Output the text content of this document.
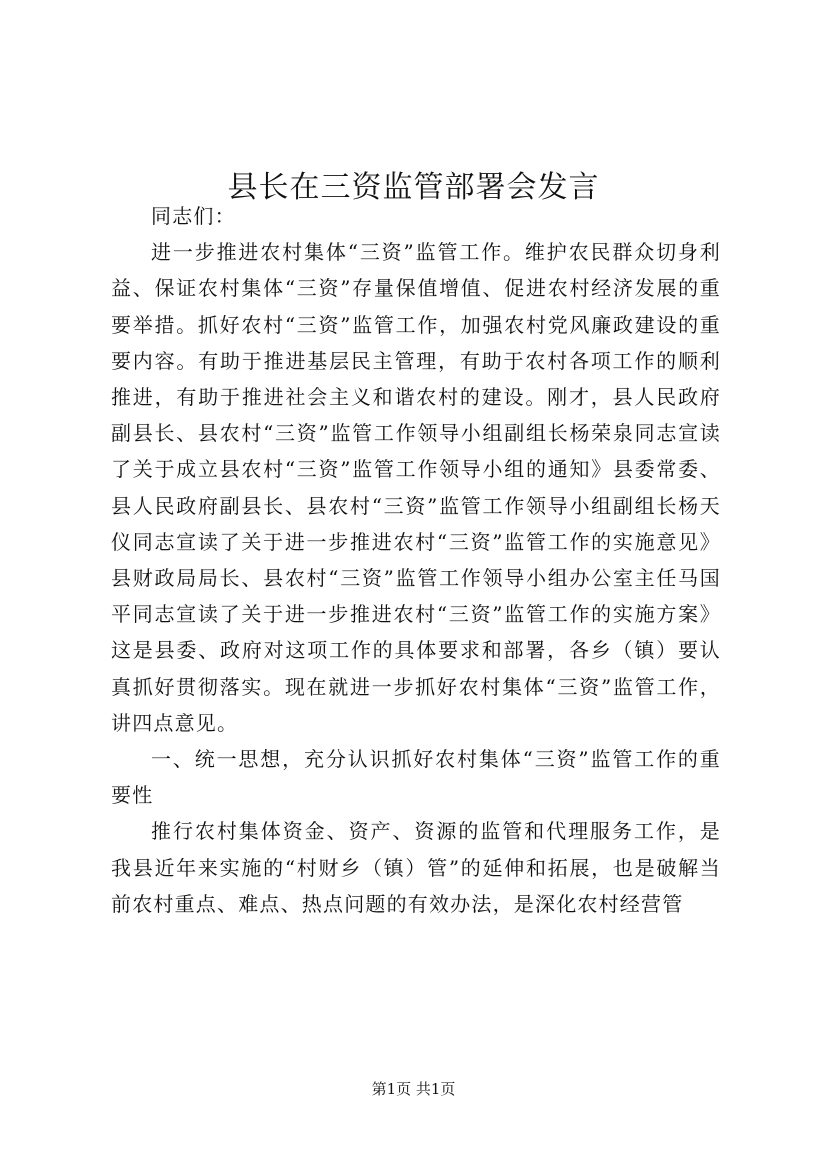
县长在三资监管部署会发言

同志们：

进一步推进农村集体“三资”监管工作。维护农民群众切身利益、保证农村集体“三资”存量保值增值、促进农村经济发展的重要举措。抓好农村“三资”监管工作，加强农村党风廉政建设的重要内容。有助于推进基层民主管理，有助于农村各项工作的顺利推进，有助于推进社会主义和谐农村的建设。刚才，县人民政府副县长、县农村“三资”监管工作领导小组副组长杨荣泉同志宣读了关于成立县农村“三资”监管工作领导小组的通知》县委常委、县人民政府副县长、县农村“三资”监管工作领导小组副组长杨天仪同志宣读了关于进一步推进农村“三资”监管工作的实施意见》县财政局局长、县农村“三资”监管工作领导小组办公室主任马国平同志宣读了关于进一步推进农村“三资”监管工作的实施方案》这是县委、政府对这项工作的具体要求和部署，各乡（镇）要认真抓好贯彻落实。现在就进一步抓好农村集体“三资”监管工作，讲四点意见。

一、统一思想，充分认识抓好农村集体“三资”监管工作的重要性

推行农村集体资金、资产、资源的监管和代理服务工作，是我县近年来实施的“村财乡（镇）管”的延伸和拓展，也是破解当前农村重点、难点、热点问题的有效办法，是深化农村经营管

第1页 共1页
